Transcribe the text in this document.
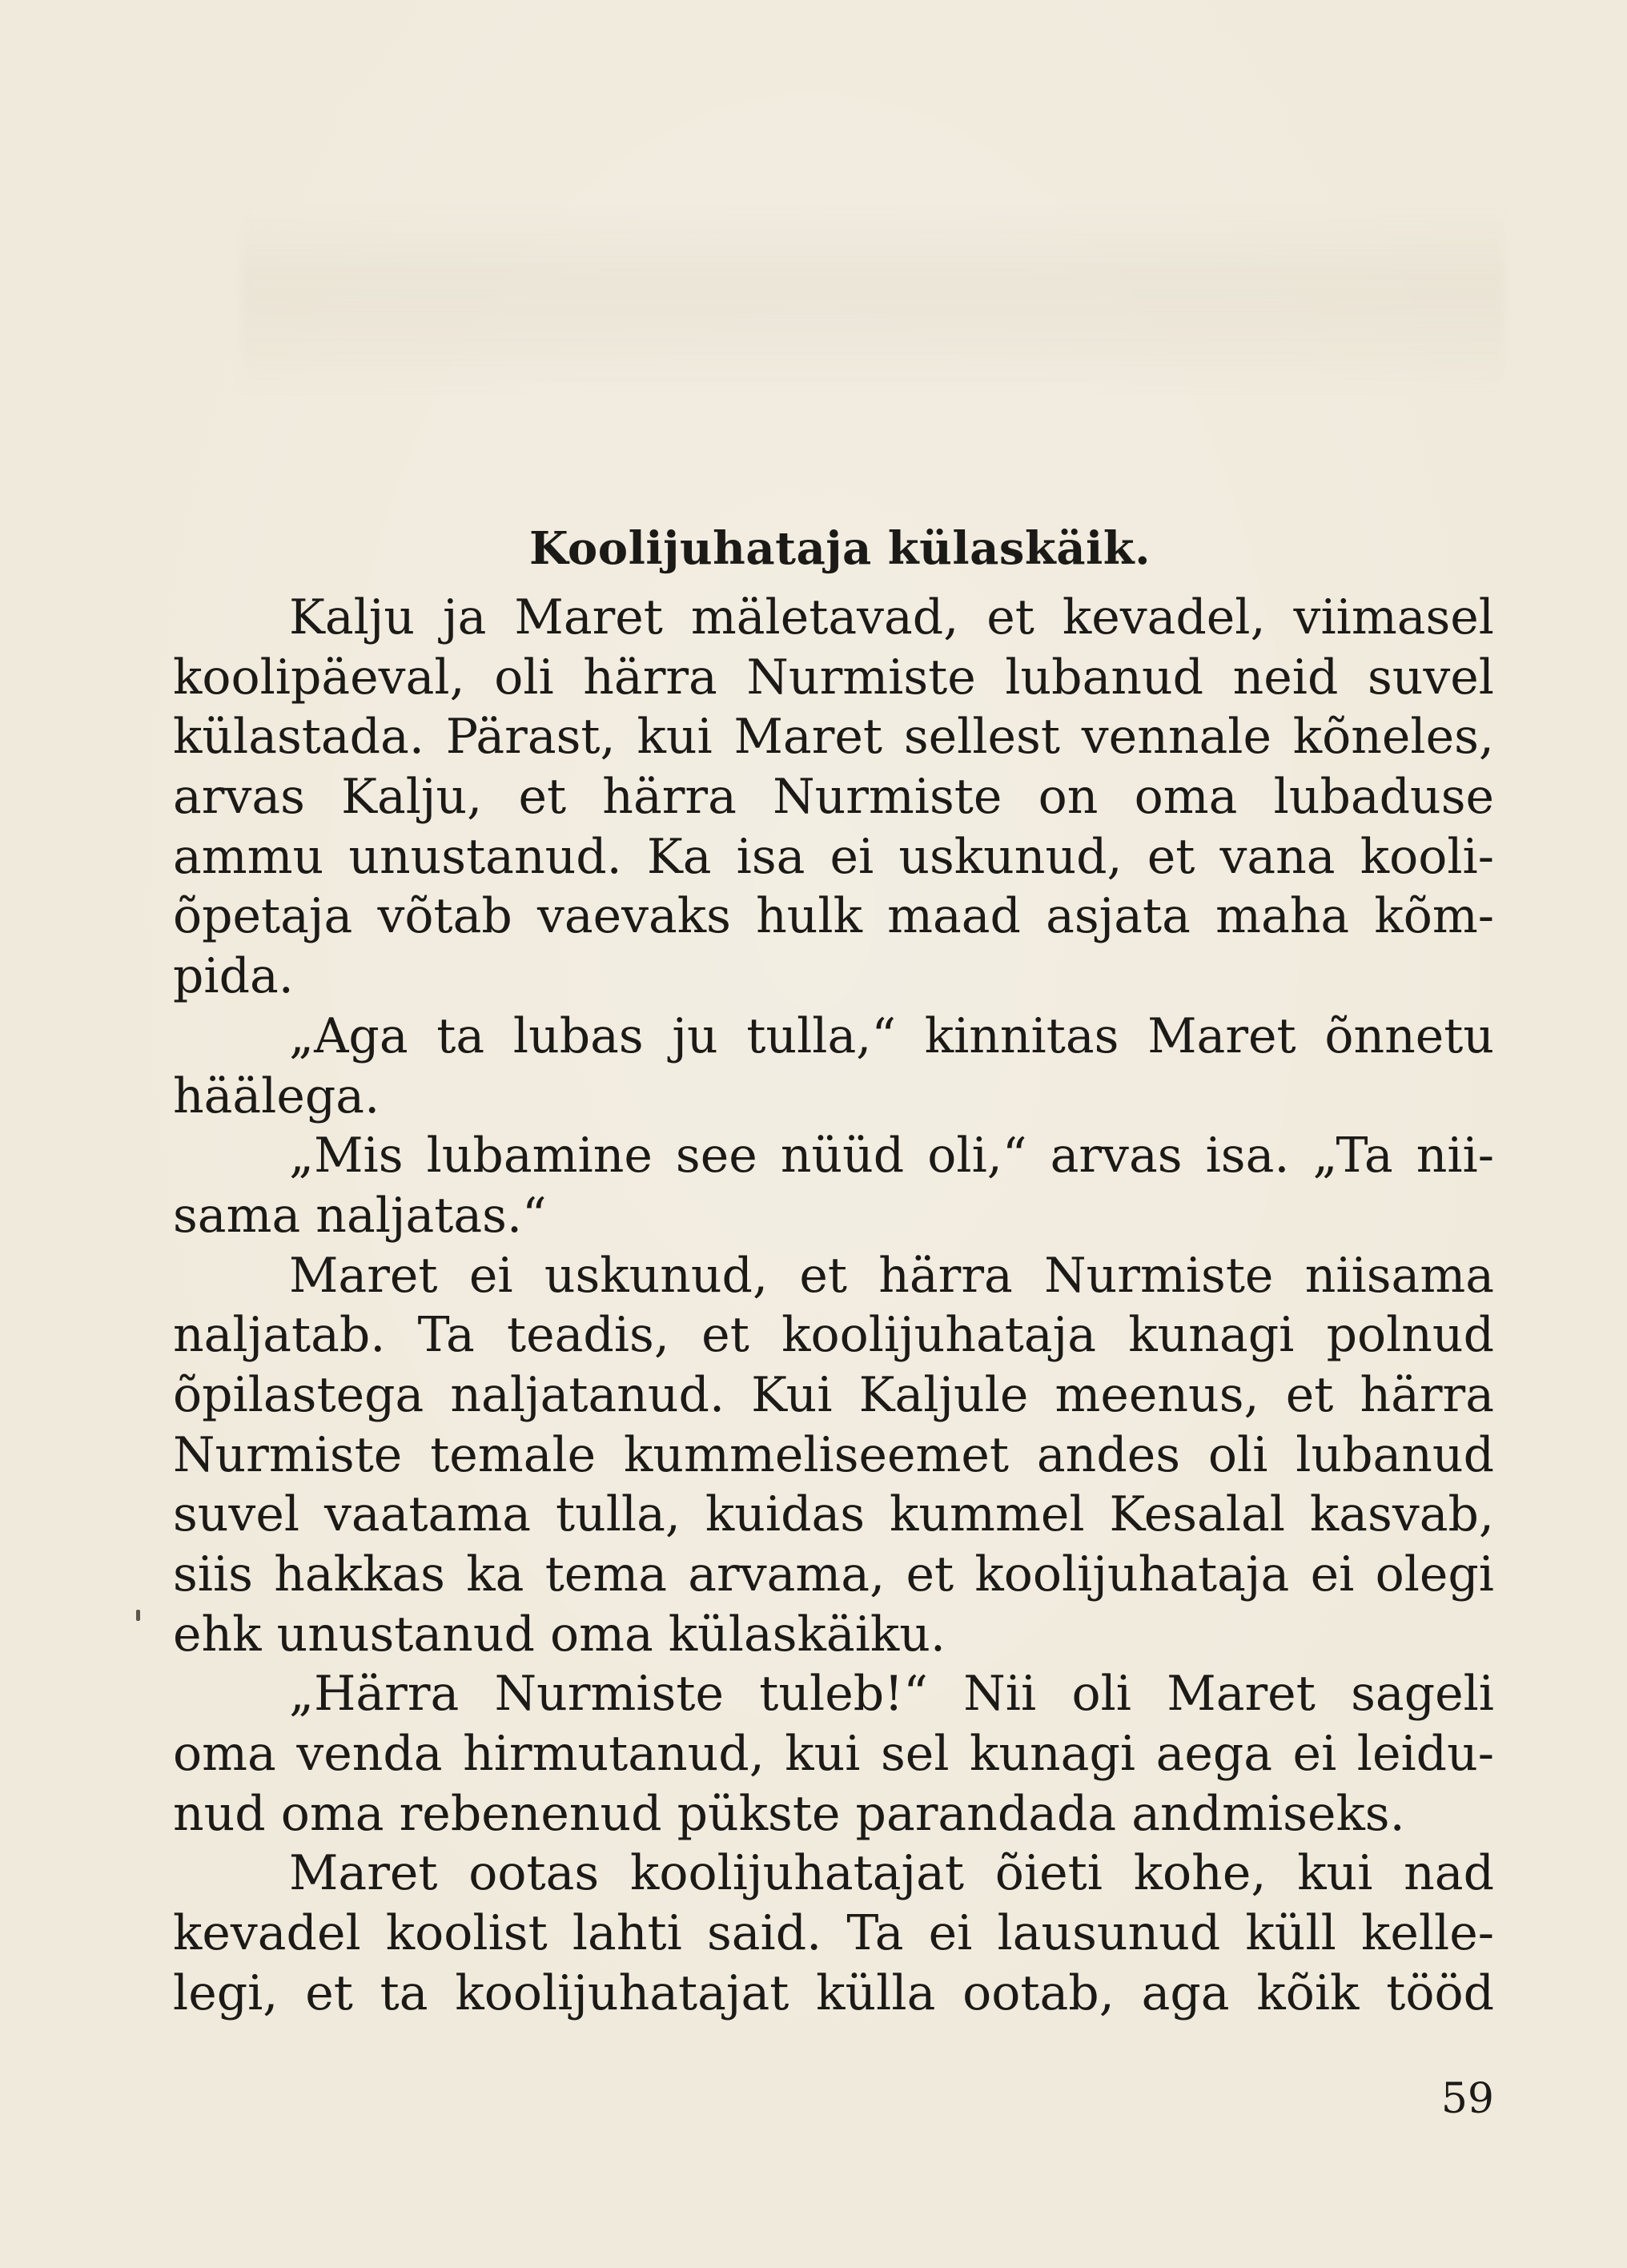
Koolijuhataja külaskäik.
Kalju ja Maret mäletavad, et kevadel, viimasel
koolipäeval, oli härra Nurmiste lubanud neid suvel
külastada. Pärast, kui Maret sellest vennale kõneles,
arvas Kalju, et härra Nurmiste on oma lubaduse
ammu unustanud. Ka isa ei uskunud, et vana kooli-
õpetaja võtab vaevaks hulk maad asjata maha kõm-
pida.
„Aga ta lubas ju tulla,“ kinnitas Maret õnnetu
häälega.
„Mis lubamine see nüüd oli,“ arvas isa. „Ta nii-
sama naljatas.“
Maret ei uskunud, et härra Nurmiste niisama
naljatab. Ta teadis, et koolijuhataja kunagi polnud
õpilastega naljatanud. Kui Kaljule meenus, et härra
Nurmiste temale kummeliseemet andes oli lubanud
suvel vaatama tulla, kuidas kummel Kesalal kasvab,
siis hakkas ka tema arvama, et koolijuhataja ei olegi
ehk unustanud oma külaskäiku.
„Härra Nurmiste tuleb!“ Nii oli Maret sageli
oma venda hirmutanud, kui sel kunagi aega ei leidu-
nud oma rebenenud pükste parandada andmiseks.
Maret ootas koolijuhatajat õieti kohe, kui nad
kevadel koolist lahti said. Ta ei lausunud küll kelle-
legi, et ta koolijuhatajat külla ootab, aga kõik tööd
59
